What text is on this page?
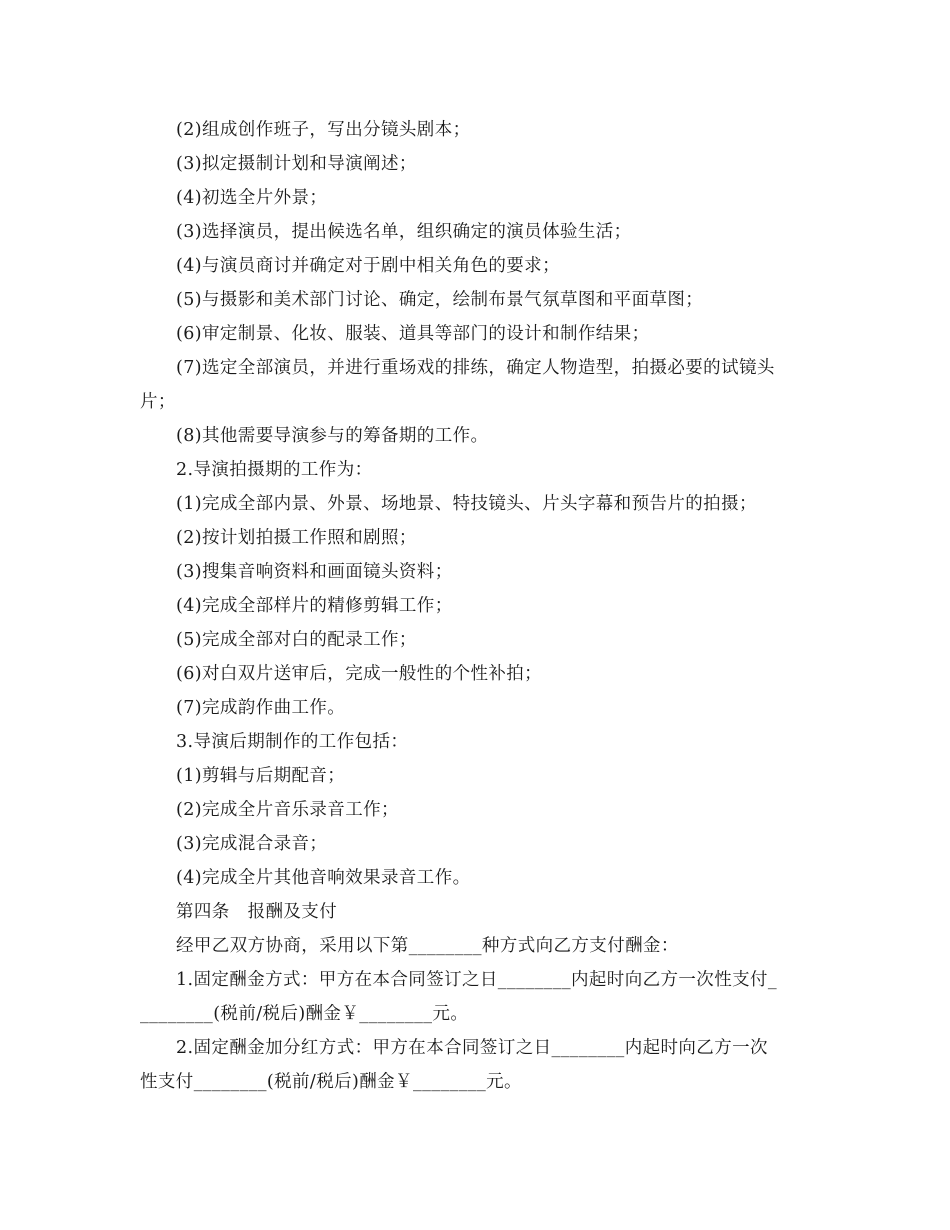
(2)组成创作班子，写出分镜头剧本；
(3)拟定摄制计划和导演阐述；
(4)初选全片外景；
(3)选择演员，提出候选名单，组织确定的演员体验生活；
(4)与演员商讨并确定对于剧中相关角色的要求；
(5)与摄影和美术部门讨论、确定，绘制布景气氛草图和平面草图；
(6)审定制景、化妆、服装、道具等部门的设计和制作结果；
(7)选定全部演员，并进行重场戏的排练，确定人物造型，拍摄必要的试镜头
片；
(8)其他需要导演参与的筹备期的工作。
2.导演拍摄期的工作为：
(1)完成全部内景、外景、场地景、特技镜头、片头字幕和预告片的拍摄；
(2)按计划拍摄工作照和剧照；
(3)搜集音响资料和画面镜头资料；
(4)完成全部样片的精修剪辑工作；
(5)完成全部对白的配录工作；
(6)对白双片送审后，完成一般性的个性补拍；
(7)完成韵作曲工作。
3.导演后期制作的工作包括：
(1)剪辑与后期配音；
(2)完成全片音乐录音工作；
(3)完成混合录音；
(4)完成全片其他音响效果录音工作。
第四条　报酬及支付
经甲乙双方协商，采用以下第________种方式向乙方支付酬金：
1.固定酬金方式：甲方在本合同签订之日________内起时向乙方一次性支付_
________(税前/税后)酬金￥________元。
2.固定酬金加分红方式：甲方在本合同签订之日________内起时向乙方一次
性支付________(税前/税后)酬金￥________元。
